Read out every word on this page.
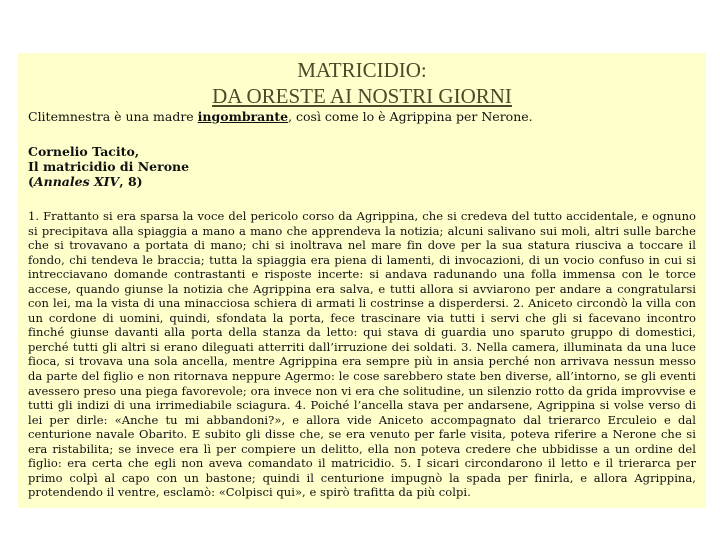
MATRICIDIO:
DA ORESTE AI NOSTRI GIORNI
Clitemnestra è una madre ingombrante, così come lo è Agrippina per Nerone.
Cornelio Tacito,
Il matricidio di Nerone
(Annales XIV, 8)
1. Frattanto si era sparsa la voce del pericolo corso da Agrippina, che si credeva del tutto accidentale, e ognuno si precipitava alla spiaggia a mano a mano che apprendeva la notizia; alcuni salivano sui moli, altri sulle barche che si trovavano a portata di mano; chi si inoltrava nel mare fin dove per la sua statura riusciva a toccare il fondo, chi tendeva le braccia; tutta la spiaggia era piena di lamenti, di invocazioni, di un vocio confuso in cui si intrecciavano domande contrastanti e risposte incerte: si andava radunando una folla immensa con le torce accese, quando giunse la notizia che Agrippina era salva, e tutti allora si avviarono per andare a congratularsi con lei, ma la vista di una minacciosa schiera di armati li costrinse a disperdersi. 2. Aniceto circondò la villa con un cordone di uomini, quindi, sfondata la porta, fece trascinare via tutti i servi che gli si facevano incontro finché giunse davanti alla porta della stanza da letto: qui stava di guardia uno sparuto gruppo di domestici, perché tutti gli altri si erano dileguati atterriti dall’irruzione dei soldati. 3. Nella camera, illuminata da una luce fioca, si trovava una sola ancella, mentre Agrippina era sempre più in ansia perché non arrivava nessun messo da parte del figlio e non ritornava neppure Agermo: le cose sarebbero state ben diverse, all’intorno, se gli eventi avessero preso una piega favorevole; ora invece non vi era che solitudine, un silenzio rotto da grida improvvise e tutti gli indizi di una irrimediabile sciagura. 4. Poiché l’ancella stava per andarsene, Agrippina si volse verso di lei per dirle: «Anche tu mi abbandoni?», e allora vide Aniceto accompagnato dal trierarco Erculeio e dal centurione navale Obarito. E subito gli disse che, se era venuto per farle visita, poteva riferire a Nerone che si era ristabilita; se invece era lì per compiere un delitto, ella non poteva credere che ubbidisse a un ordine del figlio: era certa che egli non aveva comandato il matricidio. 5. I sicari circondarono il letto e il trierarca per primo colpì al capo con un bastone; quindi il centurione impugnò la spada per finirla, e allora Agrippina, protendendo il ventre, esclamò: «Colpisci qui», e spirò trafitta da più colpi.
